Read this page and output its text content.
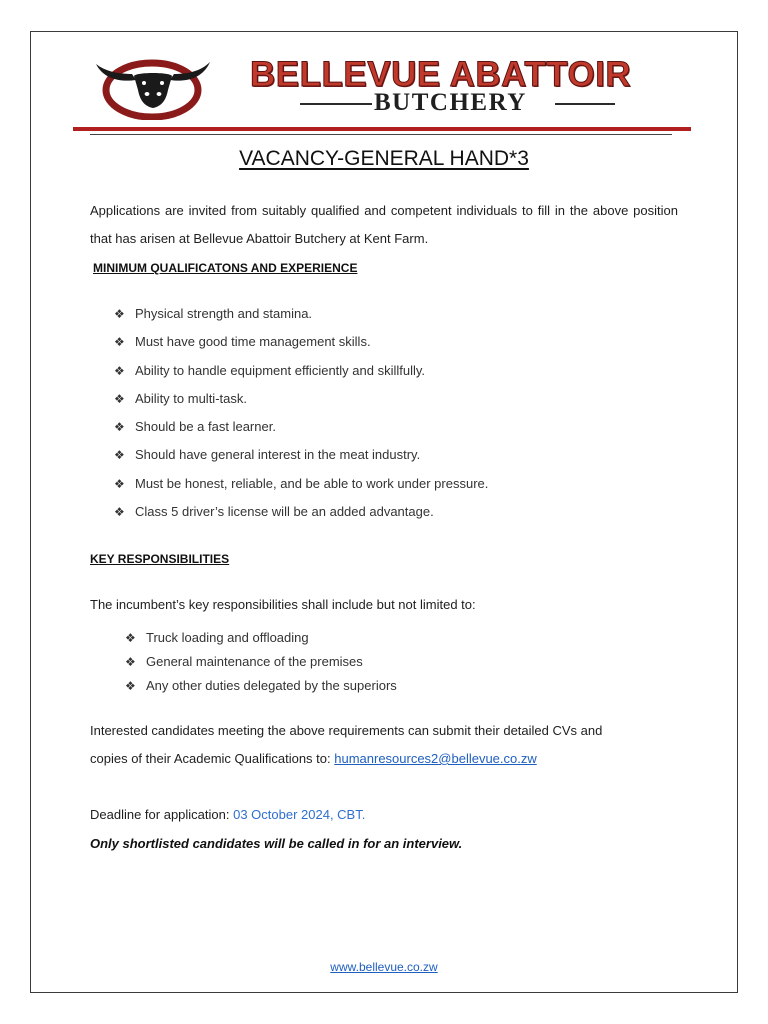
BELLEVUE ABATTOIR
BUTCHERY
VACANCY-GENERAL HAND*3
Applications are invited from suitably qualified and competent individuals to fill in the above position that has arisen at Bellevue Abattoir Butchery at Kent Farm.
MINIMUM QUALIFICATONS AND EXPERIENCE
❖ Physical strength and stamina.
❖ Must have good time management skills.
❖ Ability to handle equipment efficiently and skillfully.
❖ Ability to multi-task.
❖ Should be a fast learner.
❖ Should have general interest in the meat industry.
❖ Must be honest, reliable, and be able to work under pressure.
❖ Class 5 driver’s license will be an added advantage.
KEY RESPONSIBILITIES
The incumbent’s key responsibilities shall include but not limited to:
❖ Truck loading and offloading
❖ General maintenance of the premises
❖ Any other duties delegated by the superiors
Interested candidates meeting the above requirements can submit their detailed CVs and
copies of their Academic Qualifications to: humanresources2@bellevue.co.zw
Deadline for application: 03 October 2024, CBT.
Only shortlisted candidates will be called in for an interview.
www.bellevue.co.zw
